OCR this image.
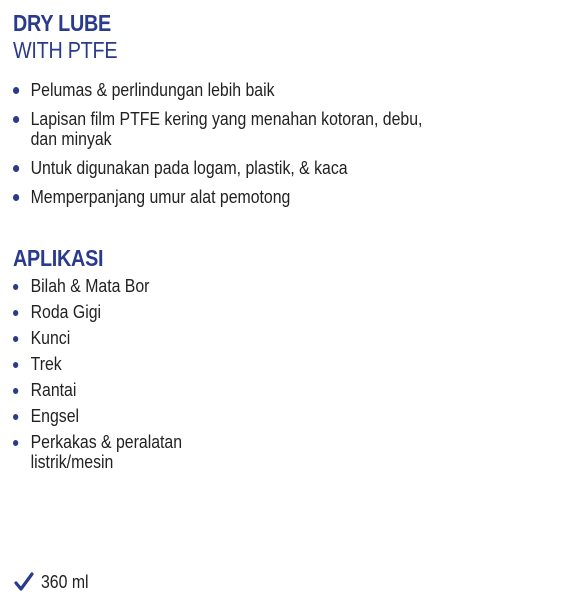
DRY LUBE
WITH PTFE
Pelumas & perlindungan lebih baik
Lapisan film PTFE kering yang menahan kotoran, debu,
dan minyak
Untuk digunakan pada logam, plastik, & kaca
Memperpanjang umur alat pemotong
APLIKASI
Bilah & Mata Bor
Roda Gigi
Kunci
Trek
Rantai
Engsel
Perkakas & peralatan
listrik/mesin
360 ml
